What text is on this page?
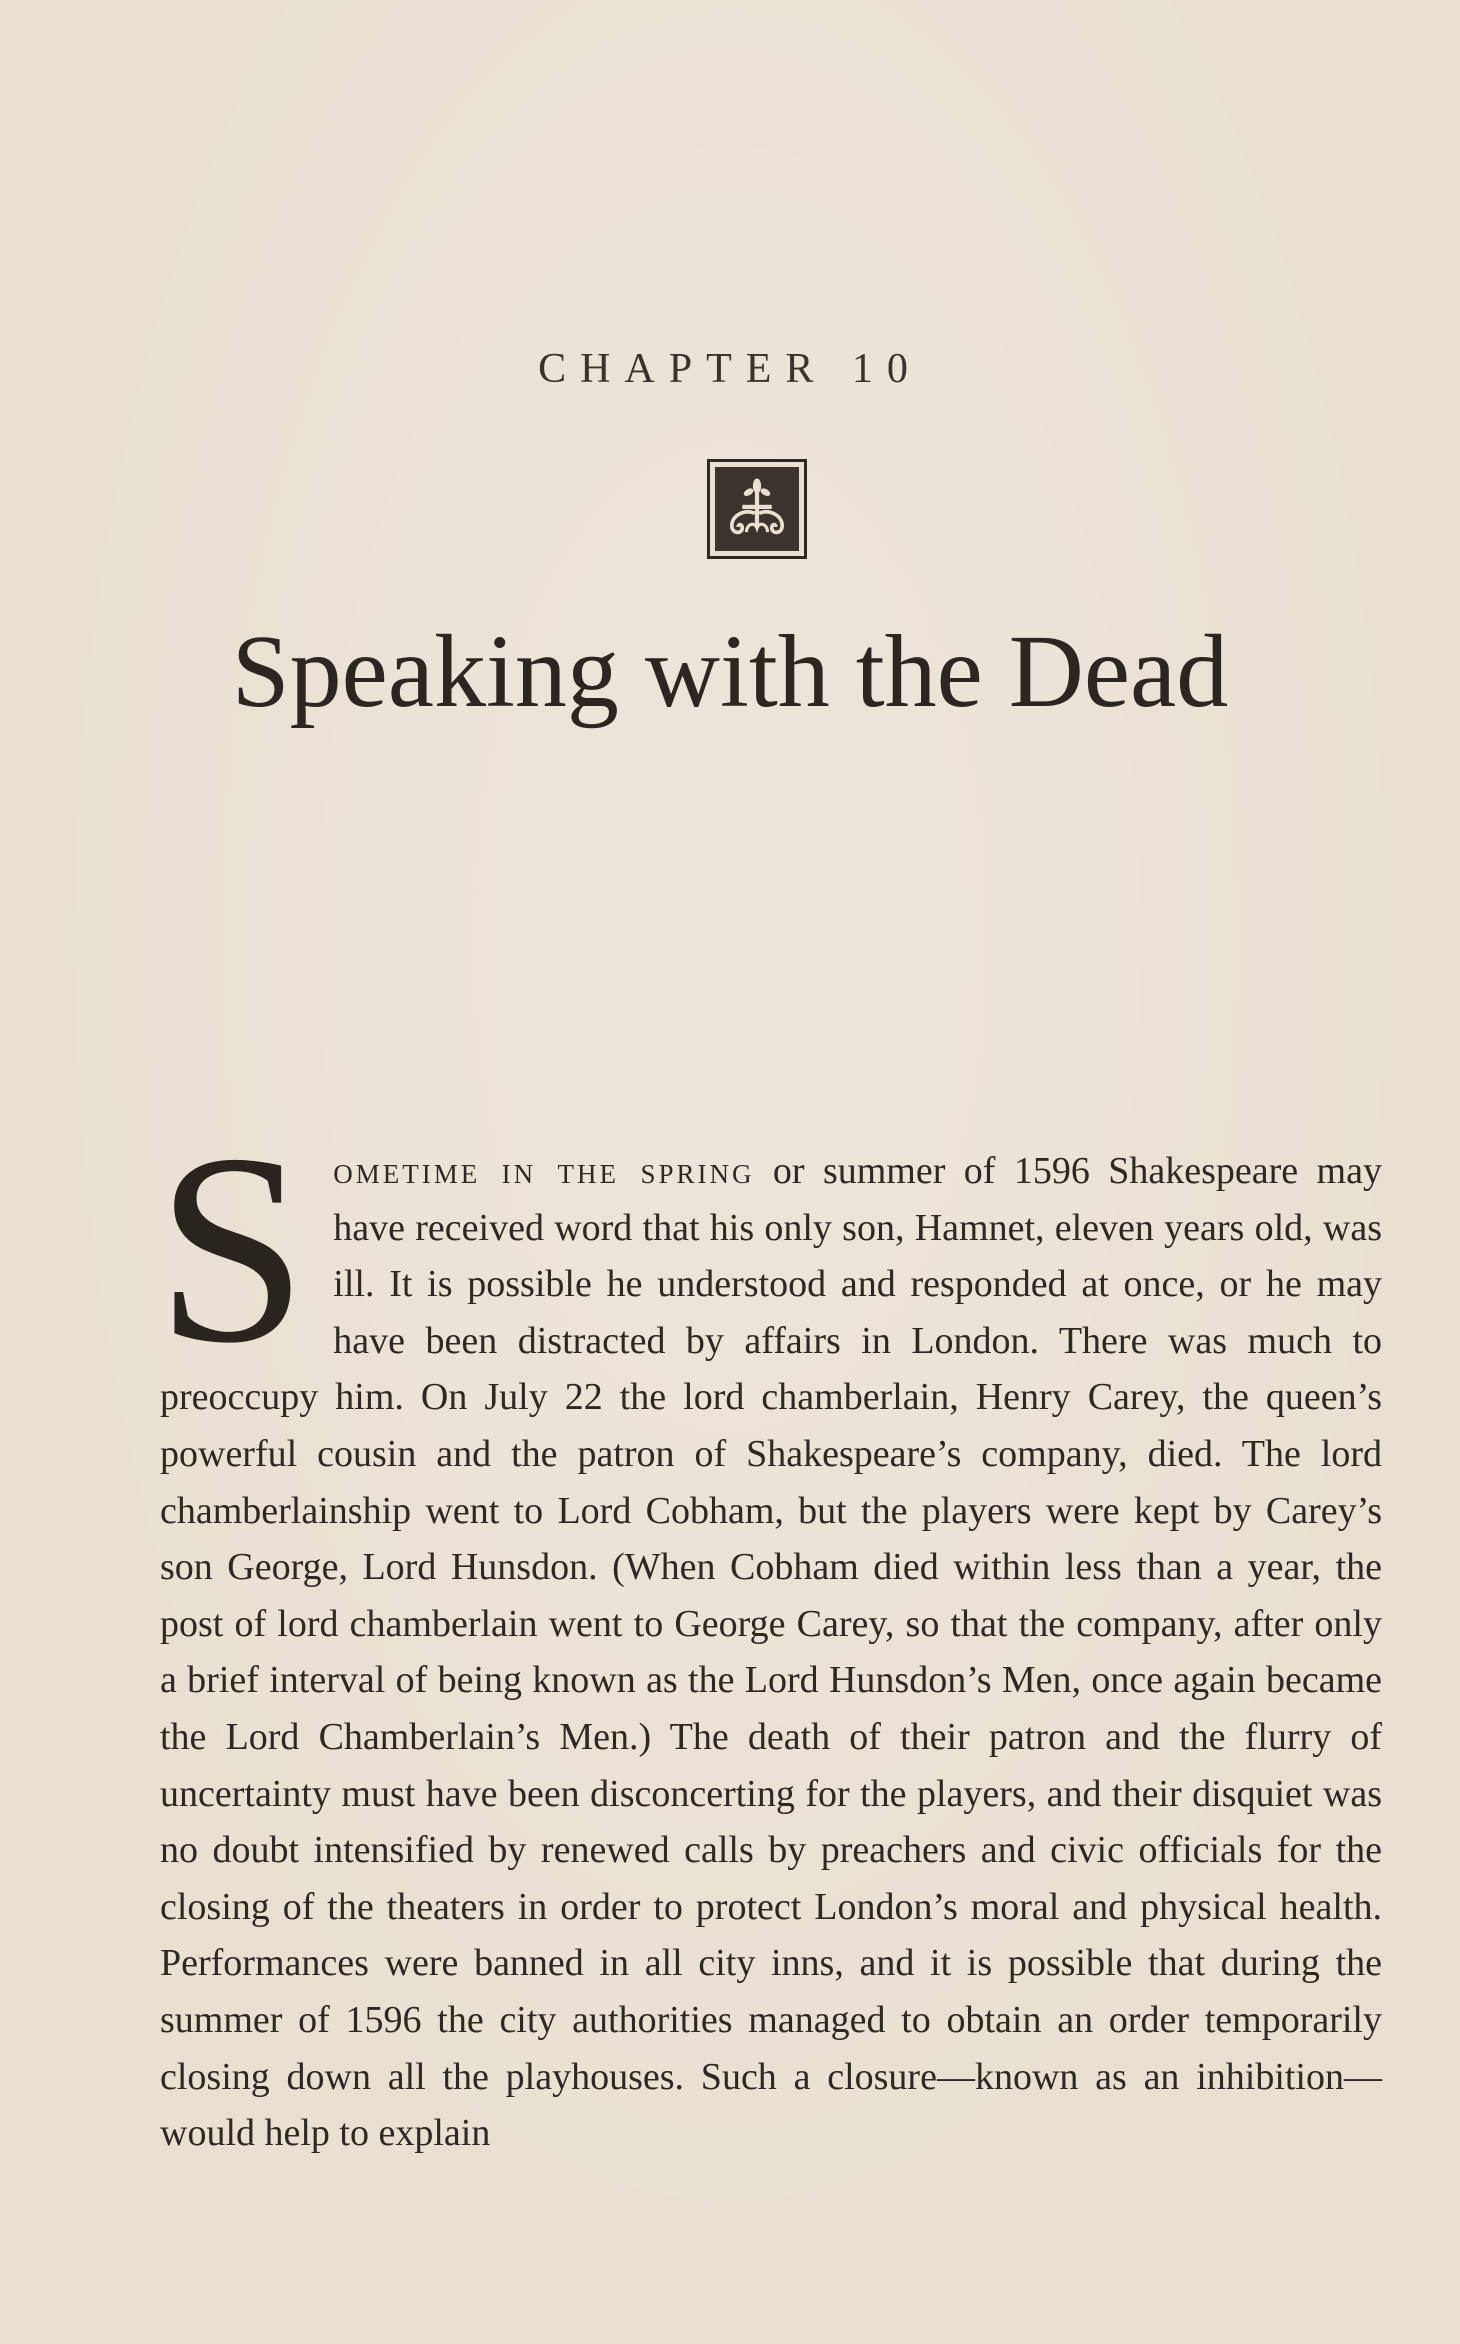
CHAPTER 10
Speaking with the Dead

Sometime in the spring or summer of 1596 Shakespeare may have received word that his only son, Hamnet, eleven years old, was ill. It is possible he understood and responded at once, or he may have been distracted by affairs in London. There was much to preoccupy him. On July 22 the lord chamberlain, Henry Carey, the queen’s powerful cousin and the patron of Shakespeare’s company, died. The lord chamberlainship went to Lord Cobham, but the players were kept by Carey’s son George, Lord Hunsdon. (When Cobham died within less than a year, the post of lord chamberlain went to George Carey, so that the company, after only a brief interval of being known as the Lord Hunsdon’s Men, once again became the Lord Chamberlain’s Men.) The death of their patron and the flurry of uncertainty must have been disconcerting for the players, and their disquiet was no doubt intensified by renewed calls by preachers and civic officials for the closing of the theaters in order to protect London’s moral and physical health. Performances were banned in all city inns, and it is possible that during the summer of 1596 the city authorities managed to obtain an order temporarily closing down all the playhouses. Such a closure—known as an inhibition—would help to explain
